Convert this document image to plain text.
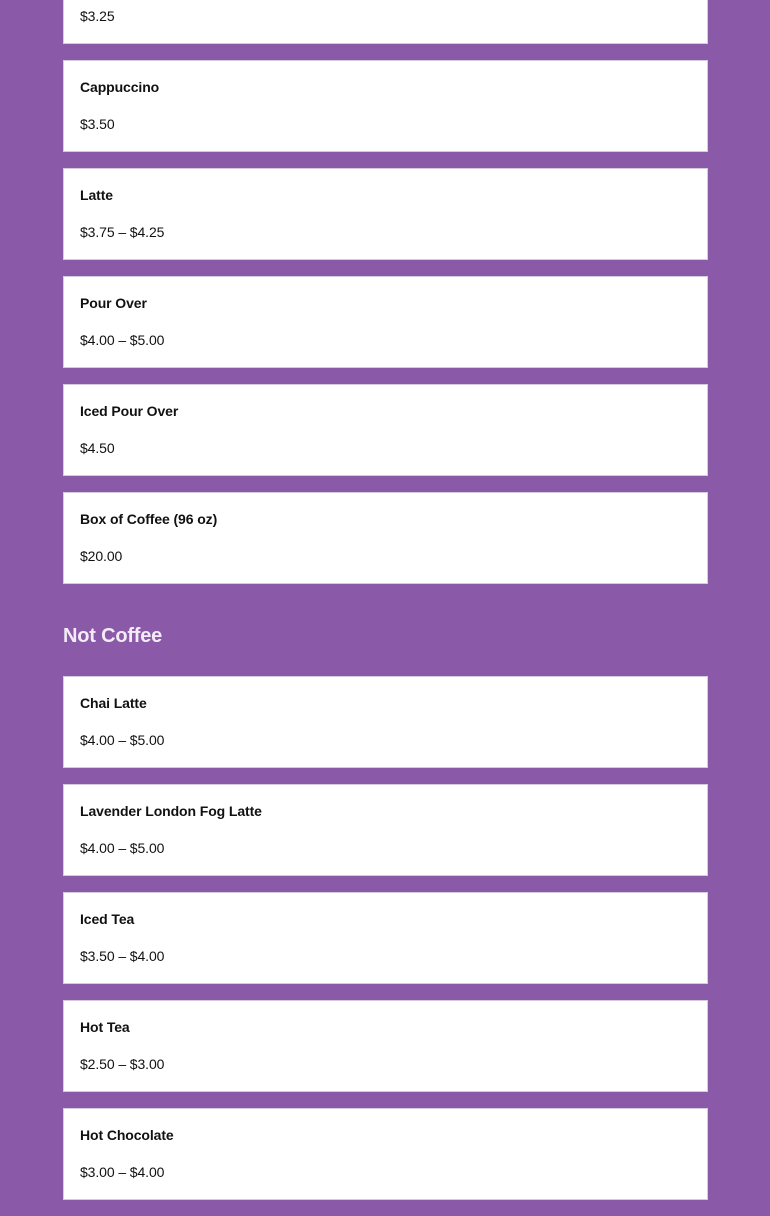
$3.25
Cappuccino
$3.50
Latte
$3.75 – $4.25
Pour Over
$4.00 – $5.00
Iced Pour Over
$4.50
Box of Coffee (96 oz)
$20.00
Not Coffee
Chai Latte
$4.00 – $5.00
Lavender London Fog Latte
$4.00 – $5.00
Iced Tea
$3.50 – $4.00
Hot Tea
$2.50 – $3.00
Hot Chocolate
$3.00 – $4.00
